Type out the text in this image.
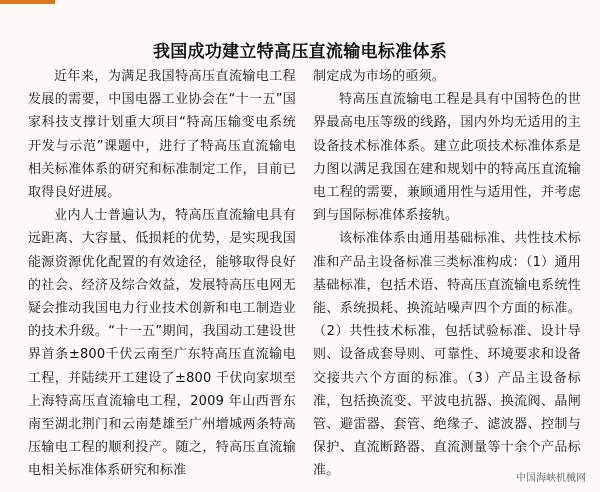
我国成功建立特高压直流输电标准体系

近年来，为满足我国特高压直流输电工程发展的需要，中国电器工业协会在“十一五”国家科技支撑计划重大项目“特高压输变电系统开发与示范”课题中，进行了特高压直流输电相关标准体系的研究和标准制定工作，目前已取得良好进展。

业内人士普遍认为，特高压直流输电具有远距离、大容量、低损耗的优势，是实现我国能源资源优化配置的有效途径，能够取得良好的社会、经济及综合效益，发展特高压电网无疑会推动我国电力行业技术创新和电工制造业的技术升级。“十一五”期间，我国动工建设世界首条±800千伏云南至广东特高压直流输电工程，并陆续开工建设了±800 千伏向家坝至上海特高压直流输电工程，2009 年山西晋东南至湖北荆门和云南楚雄至广州增城两条特高压输电工程的顺利投产。随之，特高压直流输电相关标准体系研究和标准

制定成为市场的亟须。

特高压直流输电工程是具有中国特色的世界最高电压等级的线路，国内外均无适用的主设备技术标准体系。建立此项技术标准体系是力图以满足我国在建和规划中的特高压直流输电工程的需要，兼顾通用性与适用性，并考虑到与国际标准体系接轨。

该标准体系由通用基础标准、共性技术标准和产品主设备标准三类标准构成：（1）通用基础标准，包括术语、特高压直流输电系统性能、系统损耗、换流站噪声四个方面的标准。（2）共性技术标准，包括试验标准、设计导则、设备成套导则、可靠性、环境要求和设备交接共六个方面的标准。（3）产品主设备标准，包括换流变、平波电抗器、换流阀、晶闸管、避雷器、套管、绝缘子、滤波器、控制与保护、直流断路器、直流测量等十余个产品标准。

中国海峡机械网
